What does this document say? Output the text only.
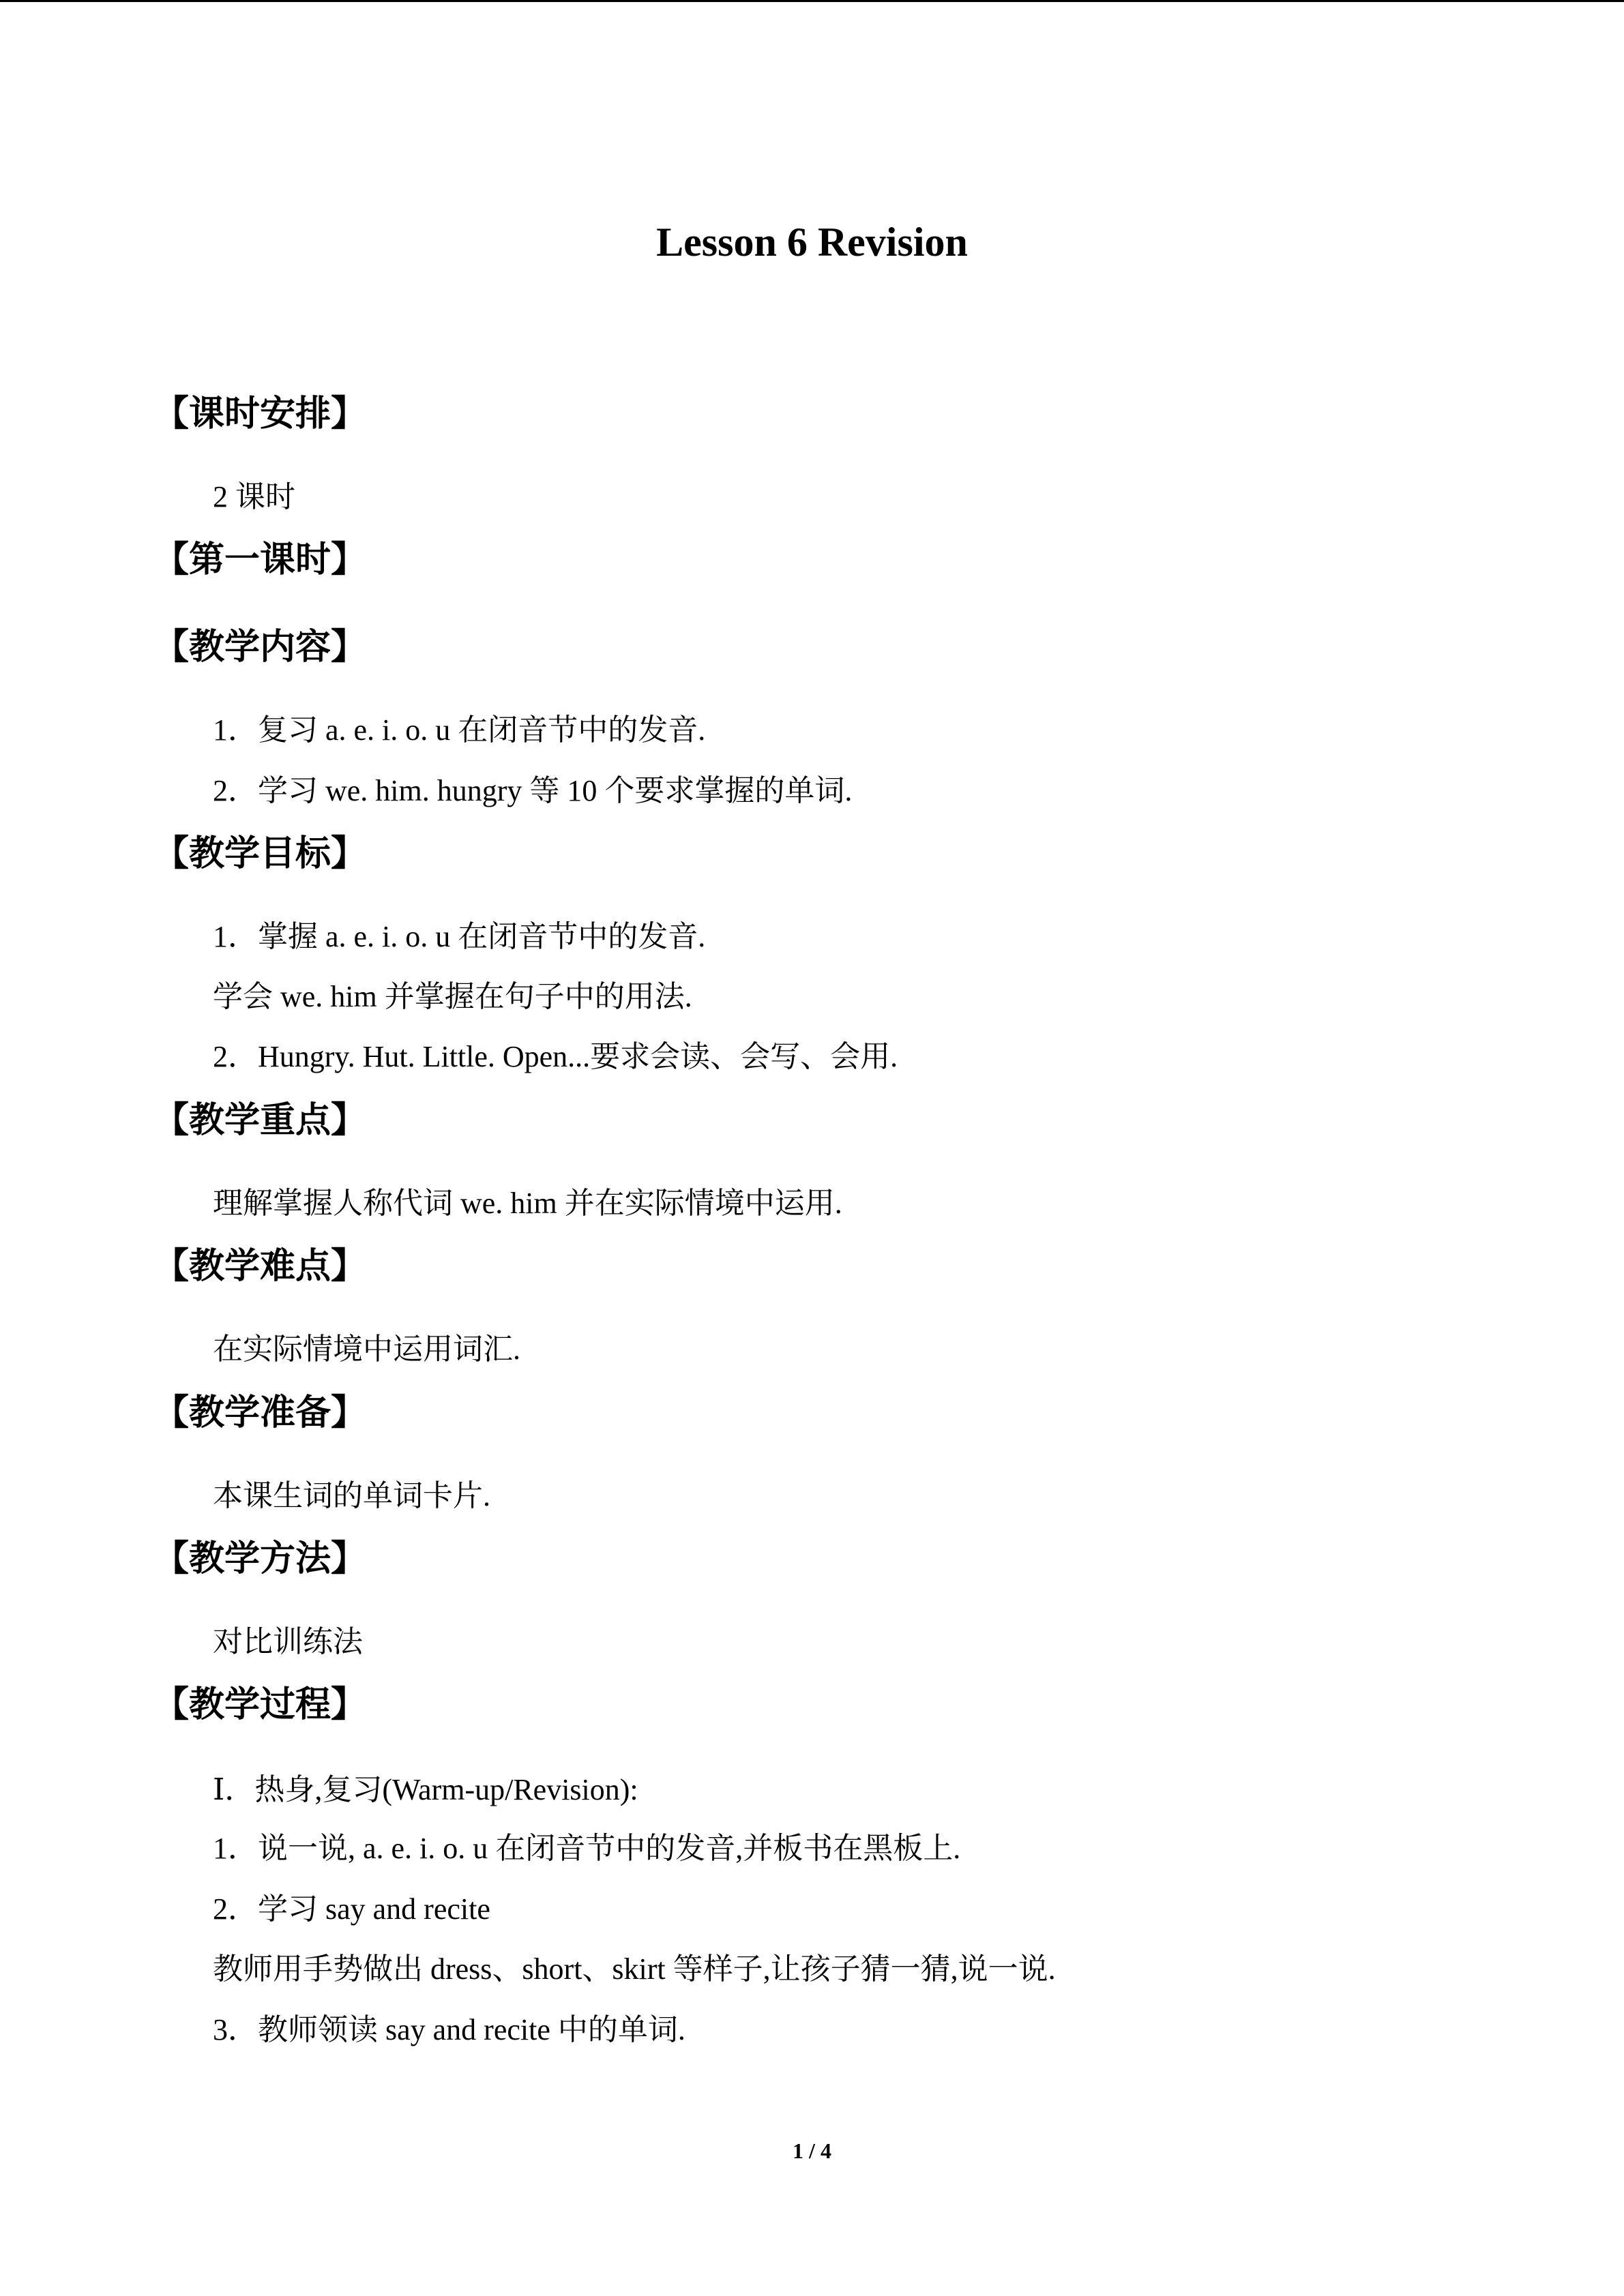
Lesson 6 Revision
【课时安排】
2 课时
【第一课时】
【教学内容】
1．复习 a. e. i. o. u 在闭音节中的发音.
2．学习 we. him. hungry 等 10 个要求掌握的单词.
【教学目标】
1．掌握 a. e. i. o. u 在闭音节中的发音.
学会 we. him 并掌握在句子中的用法.
2．Hungry. Hut. Little. Open...要求会读、会写、会用.
【教学重点】
理解掌握人称代词 we. him 并在实际情境中运用.
【教学难点】
在实际情境中运用词汇.
【教学准备】
本课生词的单词卡片.
【教学方法】
对比训练法
【教学过程】
Ⅰ．热身,复习(Warm-up/Revision):
1．说一说, a. e. i. o. u 在闭音节中的发音,并板书在黑板上.
2．学习 say and recite
教师用手势做出 dress、short、skirt 等样子,让孩子猜一猜,说一说.
3．教师领读 say and recite 中的单词.
1 / 4
